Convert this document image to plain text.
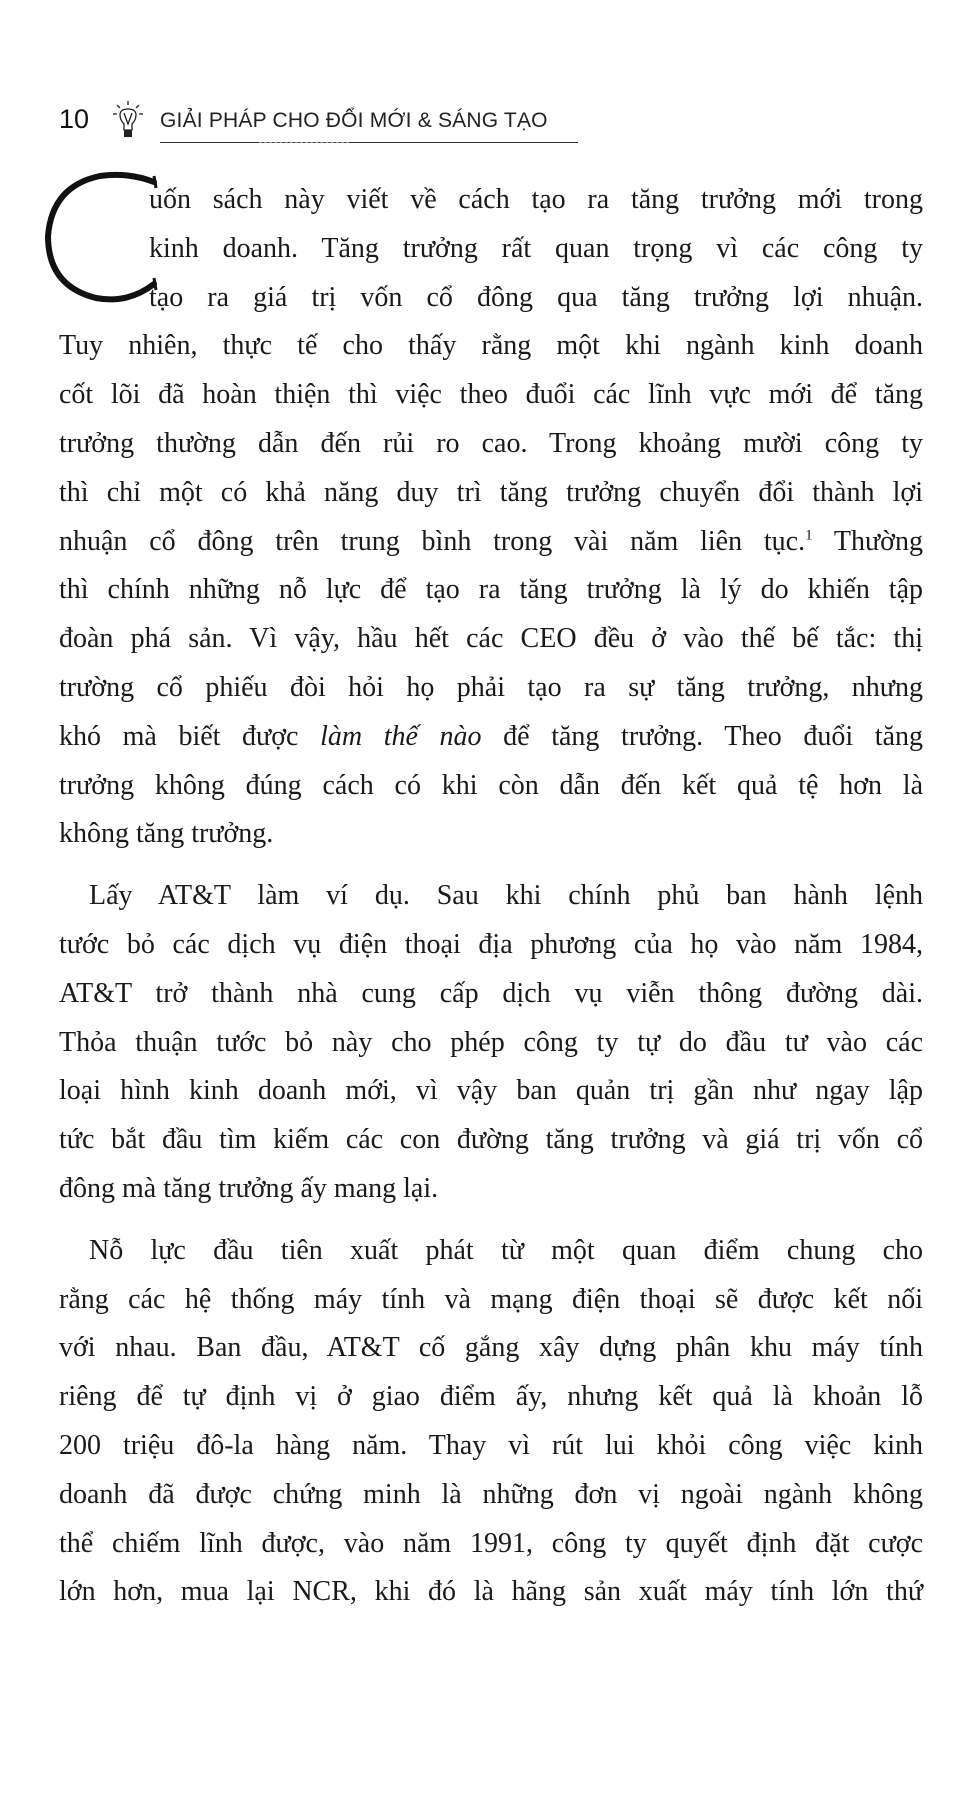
10	GIẢI PHÁP CHO ĐỔI MỚI & SÁNG TẠO
uốn sách này viết về cách tạo ra tăng trưởng mới trong
kinh doanh. Tăng trưởng rất quan trọng vì các công ty
tạo ra giá trị vốn cổ đông qua tăng trưởng lợi nhuận.
Tuy nhiên, thực tế cho thấy rằng một khi ngành kinh doanh
cốt lõi đã hoàn thiện thì việc theo đuổi các lĩnh vực mới để tăng
trưởng thường dẫn đến rủi ro cao. Trong khoảng mười công ty
thì chỉ một có khả năng duy trì tăng trưởng chuyển đổi thành lợi
nhuận cổ đông trên trung bình trong vài năm liên tục.$^1$ Thường
thì chính những nỗ lực để tạo ra tăng trưởng là lý do khiến tập
đoàn phá sản. Vì vậy, hầu hết các CEO đều ở vào thế bế tắc: thị
trường cổ phiếu đòi hỏi họ phải tạo ra sự tăng trưởng, nhưng
khó mà biết được làm thế nào để tăng trưởng. Theo đuổi tăng
trưởng không đúng cách có khi còn dẫn đến kết quả tệ hơn là
không tăng trưởng.
Lấy AT&T làm ví dụ. Sau khi chính phủ ban hành lệnh
tước bỏ các dịch vụ điện thoại địa phương của họ vào năm 1984,
AT&T trở thành nhà cung cấp dịch vụ viễn thông đường dài.
Thỏa thuận tước bỏ này cho phép công ty tự do đầu tư vào các
loại hình kinh doanh mới, vì vậy ban quản trị gần như ngay lập
tức bắt đầu tìm kiếm các con đường tăng trưởng và giá trị vốn cổ
đông mà tăng trưởng ấy mang lại.
Nỗ lực đầu tiên xuất phát từ một quan điểm chung cho
rằng các hệ thống máy tính và mạng điện thoại sẽ được kết nối
với nhau. Ban đầu, AT&T cố gắng xây dựng phân khu máy tính
riêng để tự định vị ở giao điểm ấy, nhưng kết quả là khoản lỗ
200 triệu đô-la hàng năm. Thay vì rút lui khỏi công việc kinh
doanh đã được chứng minh là những đơn vị ngoài ngành không
thể chiếm lĩnh được, vào năm 1991, công ty quyết định đặt cược
lớn hơn, mua lại NCR, khi đó là hãng sản xuất máy tính lớn thứ
